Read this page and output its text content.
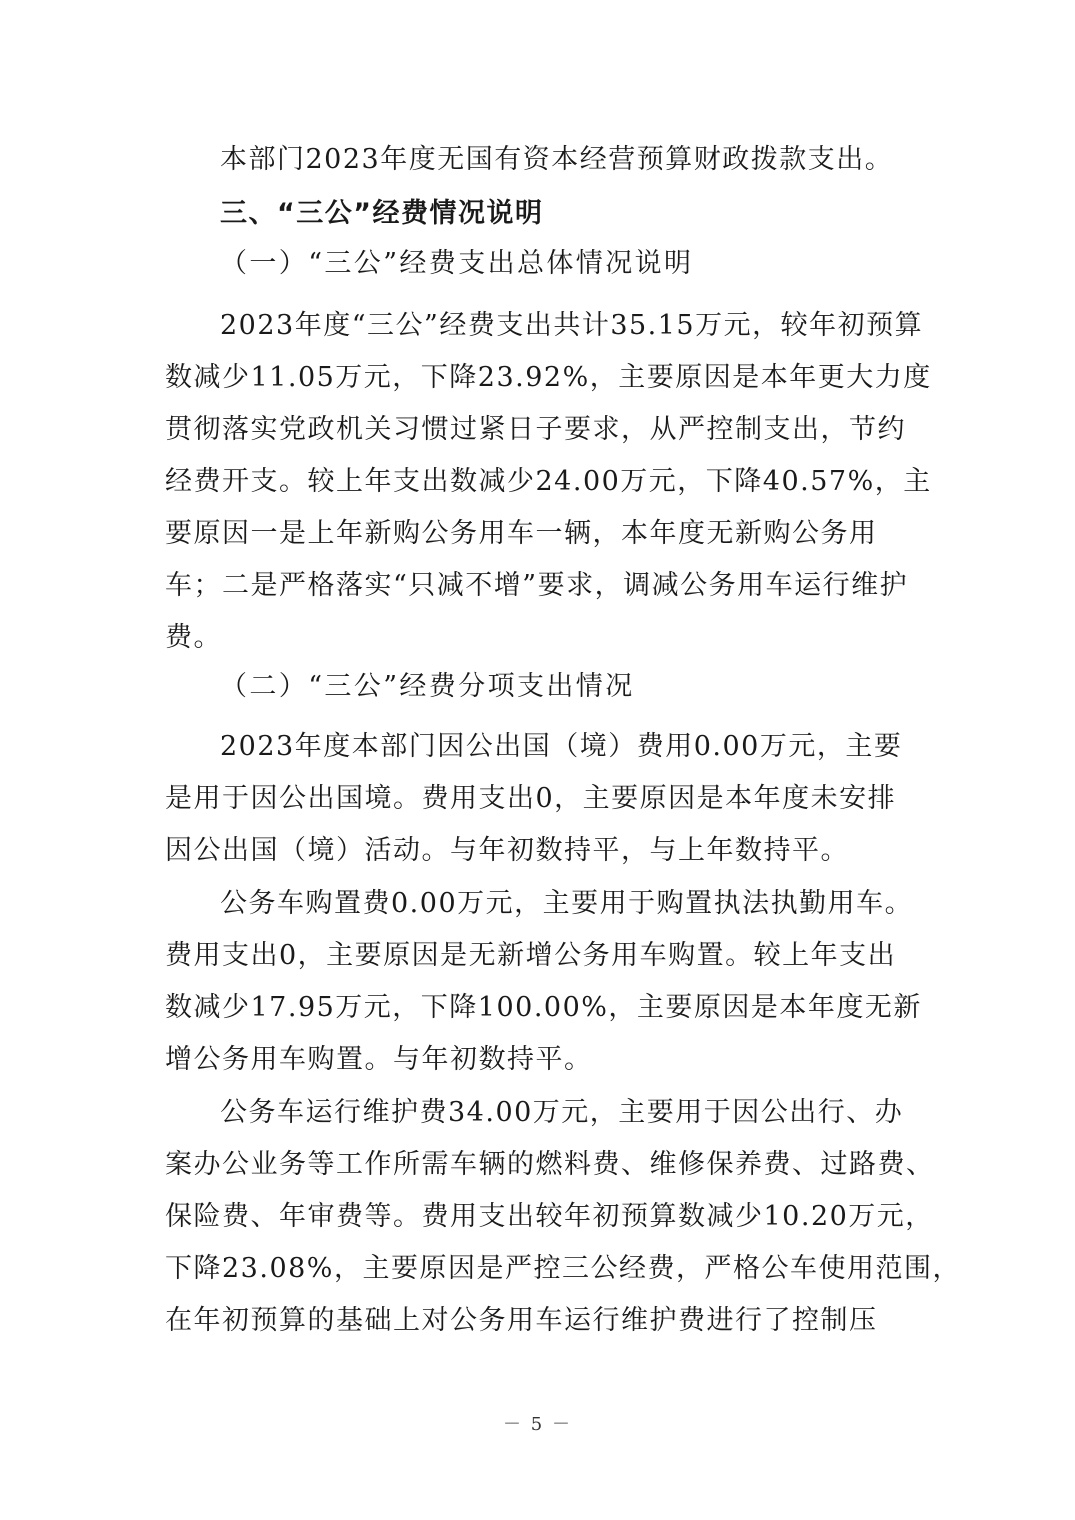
本部门2023年度无国有资本经营预算财政拨款支出。
三、“三公”经费情况说明
（一）“三公”经费支出总体情况说明
2023年度“三公”经费支出共计35.15万元，较年初预算
数减少11.05万元，下降23.92%，主要原因是本年更大力度
贯彻落实党政机关习惯过紧日子要求，从严控制支出，节约
经费开支。较上年支出数减少24.00万元，下降40.57%，主
要原因一是上年新购公务用车一辆，本年度无新购公务用
车；二是严格落实“只减不增”要求，调减公务用车运行维护
费。
（二）“三公”经费分项支出情况
2023年度本部门因公出国（境）费用0.00万元，主要
是用于因公出国境。费用支出0，主要原因是本年度未安排
因公出国（境）活动。与年初数持平，与上年数持平。
公务车购置费0.00万元，主要用于购置执法执勤用车。
费用支出0，主要原因是无新增公务用车购置。较上年支出
数减少17.95万元，下降100.00%，主要原因是本年度无新
增公务用车购置。与年初数持平。
公务车运行维护费34.00万元，主要用于因公出行、办
案办公业务等工作所需车辆的燃料费、维修保养费、过路费、
保险费、年审费等。费用支出较年初预算数减少10.20万元，
下降23.08%，主要原因是严控三公经费，严格公车使用范围，
在年初预算的基础上对公务用车运行维护费进行了控制压
－ 5 －
